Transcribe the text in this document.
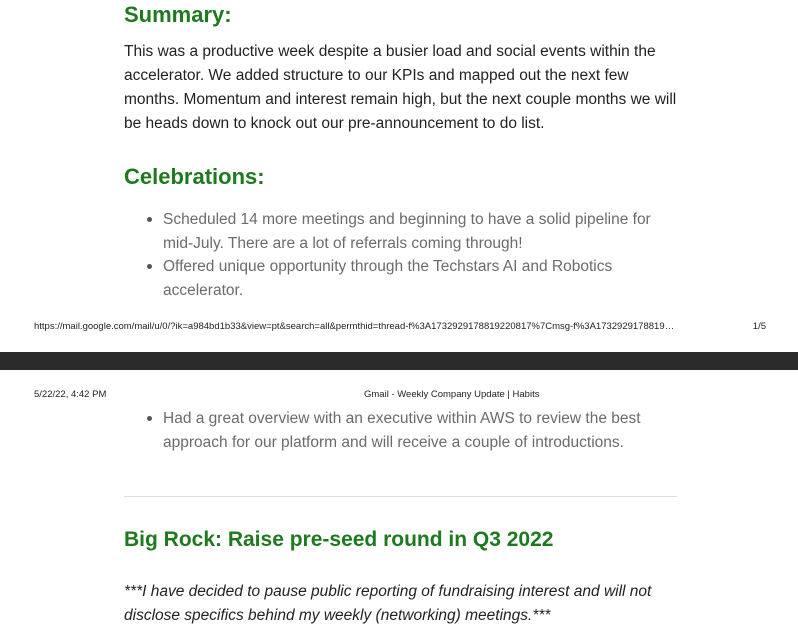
Summary:

This was a productive week despite a busier load and social events within the accelerator. We added structure to our KPIs and mapped out the next few months. Momentum and interest remain high, but the next couple months we will be heads down to knock out our pre-announcement to do list.

Celebrations:
Scheduled 14 more meetings and beginning to have a solid pipeline for mid-July. There are a lot of referrals coming through!
Offered unique opportunity through the Techstars AI and Robotics accelerator.
https://mail.google.com/mail/u/0/?ik=a984bd1b33&view=pt&search=all&permthid=thread-f%3A1732929178819220817%7Cmsg-f%3A1732929178819…	1/5
5/22/22, 4:42 PM	Gmail - Weekly Company Update | Habits
Had a great overview with an executive within AWS to review the best approach for our platform and will receive a couple of introductions.
Big Rock: Raise pre-seed round in Q3 2022

***I have decided to pause public reporting of fundraising interest and will not disclose specifics behind my weekly (networking) meetings.***
